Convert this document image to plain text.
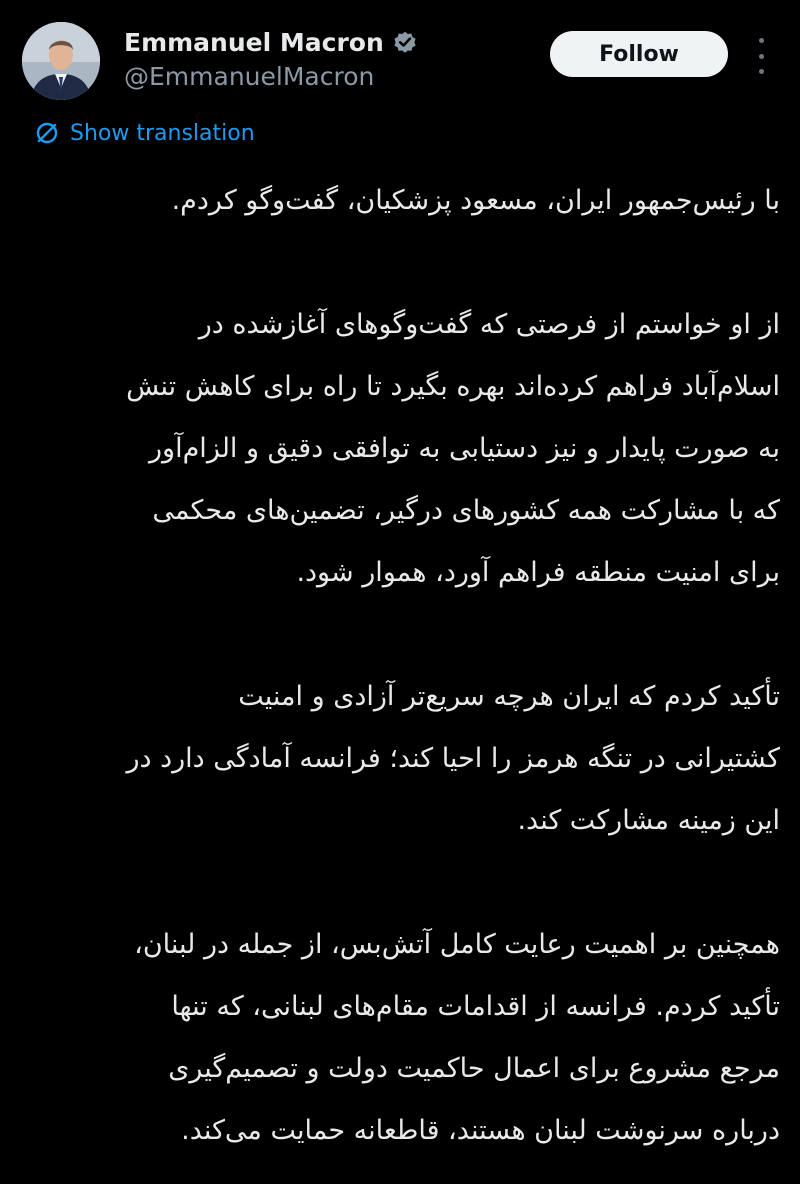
Emmanuel Macron
@EmmanuelMacron
Follow
Show translation
با رئیس‌جمهور ایران، مسعود پزشکیان، گفت‌وگو کردم.
از او خواستم از فرصتی که گفت‌وگوهای آغازشده در
اسلام‌آباد فراهم کرده‌اند بهره بگیرد تا راه برای کاهش تنش
به صورت پایدار و نیز دستیابی به توافقی دقیق و الزام‌آور
که با مشارکت همه کشورهای درگیر، تضمین‌های محکمی
برای امنیت منطقه فراهم آورد، هموار شود.
تأکید کردم که ایران هرچه سریع‌تر آزادی و امنیت
کشتیرانی در تنگه هرمز را احیا کند؛ فرانسه آمادگی دارد در
این زمینه مشارکت کند.
همچنین بر اهمیت رعایت کامل آتش‌بس، از جمله در لبنان،
تأکید کردم. فرانسه از اقدامات مقام‌های لبنانی، که تنها
مرجع مشروع برای اعمال حاکمیت دولت و تصمیم‌گیری
درباره سرنوشت لبنان هستند، قاطعانه حمایت می‌کند.
